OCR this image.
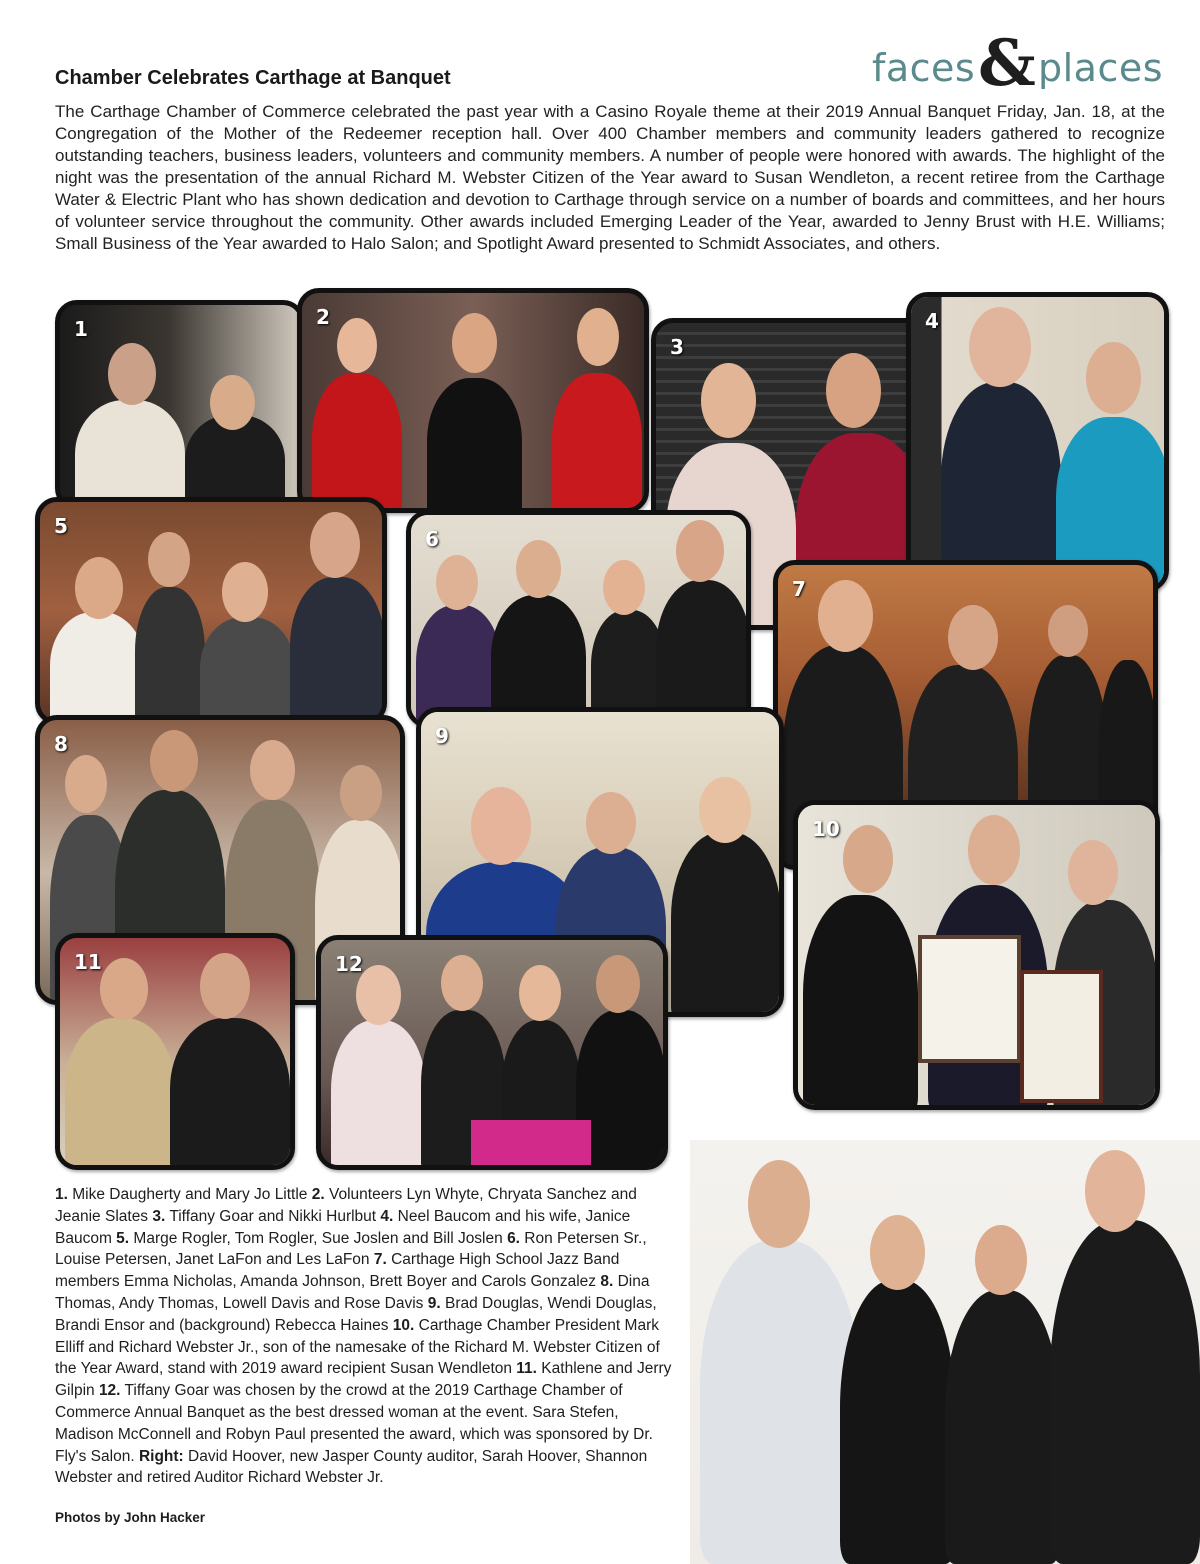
faces & places
Chamber Celebrates Carthage at Banquet
The Carthage Chamber of Commerce celebrated the past year with a Casino Royale theme at their 2019 Annual Banquet Friday, Jan. 18, at the Congregation of the Mother of the Redeemer reception hall. Over 400 Chamber members and community leaders gathered to recognize outstanding teachers, business leaders, volunteers and community members. A number of people were honored with awards. The highlight of the night was the presentation of the annual Richard M. Webster Citizen of the Year award to Susan Wendleton, a recent retiree from the Carthage Water & Electric Plant who has shown dedication and devotion to Carthage through service on a number of boards and committees, and her hours of volunteer service throughout the community. Other awards included Emerging Leader of the Year, awarded to Jenny Brust with H.E. Williams; Small Business of the Year awarded to Halo Salon; and Spotlight Award presented to Schmidt Associates, and others.
1	2
3
4
5
6
7
8	9
10
11	12
1. Mike Daugherty and Mary Jo Little 2. Volunteers Lyn Whyte, Chryata Sanchez and Jeanie Slates 3. Tiffany Goar and Nikki Hurlbut 4. Neel Baucom and his wife, Janice Baucom 5. Marge Rogler, Tom Rogler, Sue Joslen and Bill Joslen 6. Ron Petersen Sr., Louise Petersen, Janet LaFon and Les LaFon 7. Carthage High School Jazz Band members Emma Nicholas, Amanda Johnson, Brett Boyer and Carols Gonzalez 8. Dina Thomas, Andy Thomas, Lowell Davis and Rose Davis 9. Brad Douglas, Wendi Douglas, Brandi Ensor and (background) Rebecca Haines 10. Carthage Chamber President Mark Elliff and Richard Webster Jr., son of the namesake of the Richard M. Webster Citizen of the Year Award, stand with 2019 award recipient Susan Wendleton 11. Kathlene and Jerry Gilpin 12. Tiffany Goar was chosen by the crowd at the 2019 Carthage Chamber of Commerce Annual Banquet as the best dressed woman at the event. Sara Stefen, Madison McConnell and Robyn Paul presented the award, which was sponsored by Dr. Fly's Salon. Right: David Hoover, new Jasper County auditor, Sarah Hoover, Shannon Webster and retired Auditor Richard Webster Jr.
Photos by John Hacker
